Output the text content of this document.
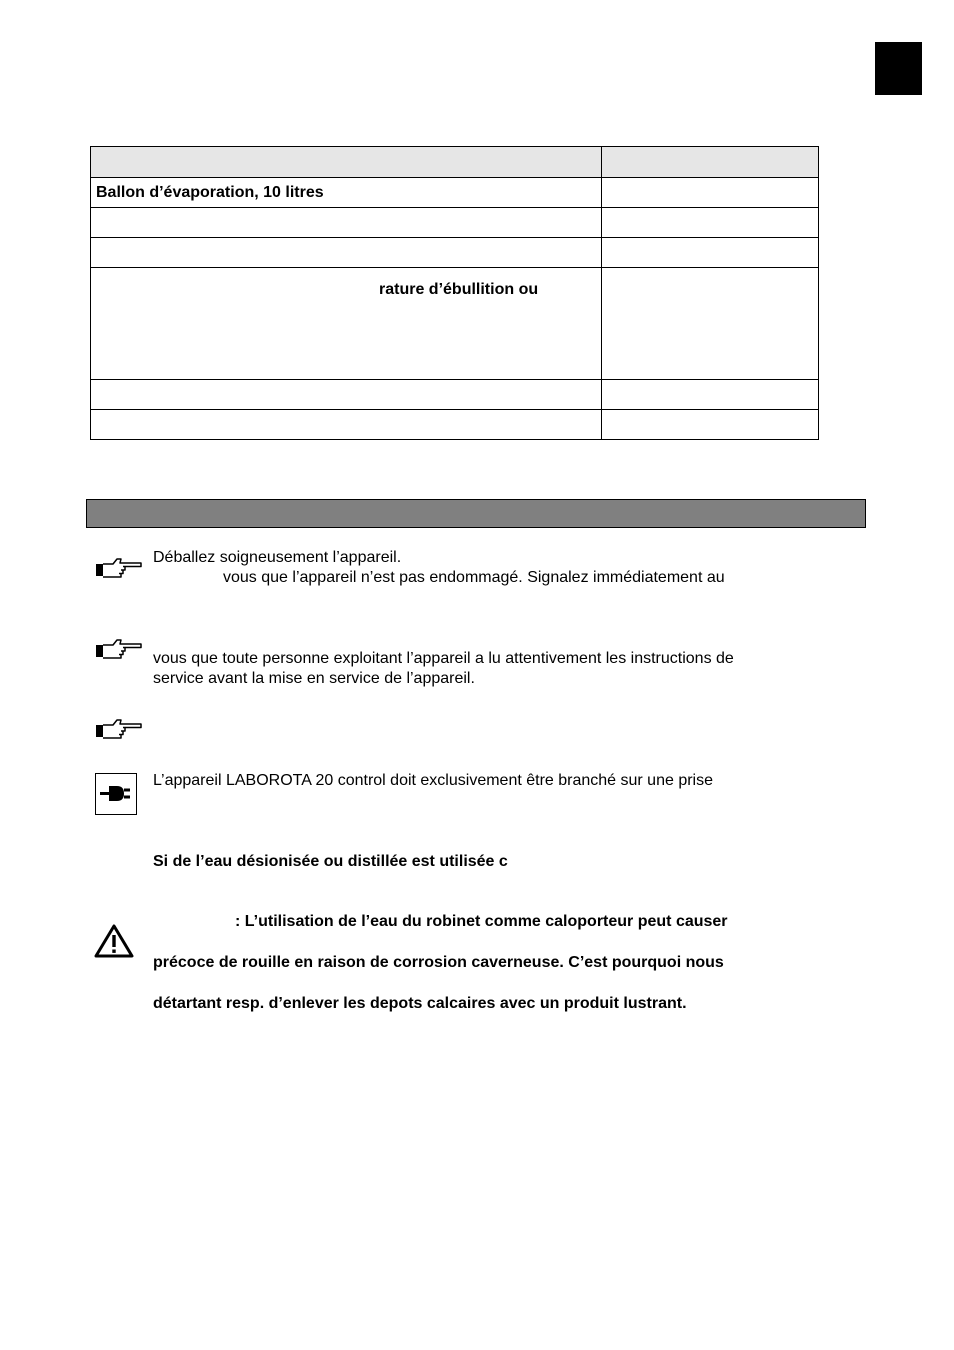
Ballon d’évaporation, 10 litres	

rature d’ébullition ou	

Déballez soigneusement l’appareil.
vous que l’appareil n’est pas endommagé. Signalez immédiatement au
vous que toute personne exploitant l’appareil a lu attentivement les instructions de
service avant la mise en service de l’appareil.
L’appareil LABOROTA 20 control doit exclusivement être branché sur une prise
Si de l’eau désionisée ou distillée est utilisée c
: L’utilisation de l’eau du robinet comme caloporteur peut causer
précoce de rouille en raison de corrosion caverneuse. C’est pourquoi nous
détartant resp. d’enlever les depots calcaires avec un produit lustrant.
